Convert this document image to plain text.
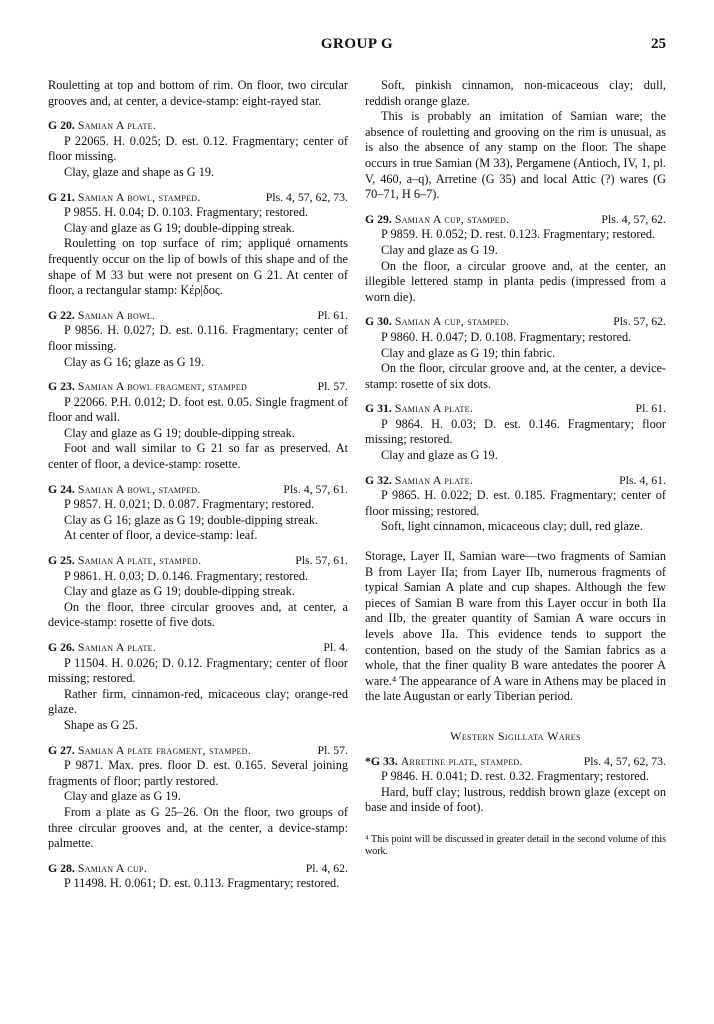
GROUP G	25

Rouletting at top and bottom of rim. On floor, two circular grooves and, at center, a device-stamp: eight-rayed star.

G 20. Samian A plate.

P 22065. H. 0.025; D. est. 0.12. Fragmentary; center of floor missing.

Clay, glaze and shape as G 19.

G 21. Samian A bowl, stamped.	Pls. 4, 57, 62, 73.

P 9855. H. 0.04; D. 0.103. Fragmentary; restored.

Clay and glaze as G 19; double-dipping streak.

Rouletting on top surface of rim; appliqué ornaments frequently occur on the lip of bowls of this shape and of the shape of M 33 but were not present on G 21. At center of floor, a rectangular stamp: Κέρ|δος.

G 22. Samian A bowl.	Pl. 61.

P 9856. H. 0.027; D. est. 0.116. Fragmentary; center of floor missing.

Clay as G 16; glaze as G 19.

G 23. Samian A bowl fragment, stamped	Pl. 57.

P 22066. P.H. 0.012; D. foot est. 0.05. Single fragment of floor and wall.

Clay and glaze as G 19; double-dipping streak.

Foot and wall similar to G 21 so far as preserved. At center of floor, a device-stamp: rosette.

G 24. Samian A bowl, stamped.	Pls. 4, 57, 61.

P 9857. H. 0.021; D. 0.087. Fragmentary; restored.

Clay as G 16; glaze as G 19; double-dipping streak.

At center of floor, a device-stamp: leaf.

G 25. Samian A plate, stamped.	Pls. 57, 61.

P 9861. H. 0.03; D. 0.146. Fragmentary; restored.

Clay and glaze as G 19; double-dipping streak.

On the floor, three circular grooves and, at center, a device-stamp: rosette of five dots.

G 26. Samian A plate.	Pl. 4.

P 11504. H. 0.026; D. 0.12. Fragmentary; center of floor missing; restored.

Rather firm, cinnamon-red, micaceous clay; orange-red glaze.

Shape as G 25.

G 27. Samian A plate fragment, stamped.	Pl. 57.

P 9871. Max. pres. floor D. est. 0.165. Several joining fragments of floor; partly restored.

Clay and glaze as G 19.

From a plate as G 25–26. On the floor, two groups of three circular grooves and, at the center, a device-stamp: palmette.

G 28. Samian A cup.	Pl. 4, 62.

P 11498. H. 0.061; D. est. 0.113. Fragmentary; restored.

Soft, pinkish cinnamon, non-micaceous clay; dull, reddish orange glaze.

This is probably an imitation of Samian ware; the absence of rouletting and grooving on the rim is unusual, as is also the absence of any stamp on the floor. The shape occurs in true Samian (M 33), Pergamene (Antioch, IV, 1, pl. V, 460, a–q), Arretine (G 35) and local Attic (?) wares (G 70–71, H 6–7).

G 29. Samian A cup, stamped.	Pls. 4, 57, 62.

P 9859. H. 0.052; D. rest. 0.123. Fragmentary; restored.

Clay and glaze as G 19.

On the floor, a circular groove and, at the center, an illegible lettered stamp in planta pedis (impressed from a worn die).

G 30. Samian A cup, stamped.	Pls. 57, 62.

P 9860. H. 0.047; D. 0.108. Fragmentary; restored.

Clay and glaze as G 19; thin fabric.

On the floor, circular groove and, at the center, a device-stamp: rosette of six dots.

G 31. Samian A plate.	Pl. 61.

P 9864. H. 0.03; D. est. 0.146. Fragmentary; floor missing; restored.

Clay and glaze as G 19.

G 32. Samian A plate.	Pls. 4, 61.

P 9865. H. 0.022; D. est. 0.185. Fragmentary; center of floor missing; restored.

Soft, light cinnamon, micaceous clay; dull, red glaze.

Storage, Layer II, Samian ware—two fragments of Samian B from Layer IIa; from Layer IIb, numerous fragments of typical Samian A plate and cup shapes. Although the few pieces of Samian B ware from this Layer occur in both IIa and IIb, the greater quantity of Samian A ware occurs in levels above IIa. This evidence tends to support the contention, based on the study of the Samian fabrics as a whole, that the finer quality B ware antedates the poorer A ware.⁴ The appearance of A ware in Athens may be placed in the late Augustan or early Tiberian period.

Western Sigillata Wares
*G 33. Arretine plate, stamped.	Pls. 4, 57, 62, 73.

P 9846. H. 0.041; D. rest. 0.32. Fragmentary; restored.

Hard, buff clay; lustrous, reddish brown glaze (except on base and inside of foot).

⁴ This point will be discussed in greater detail in the second volume of this work.
